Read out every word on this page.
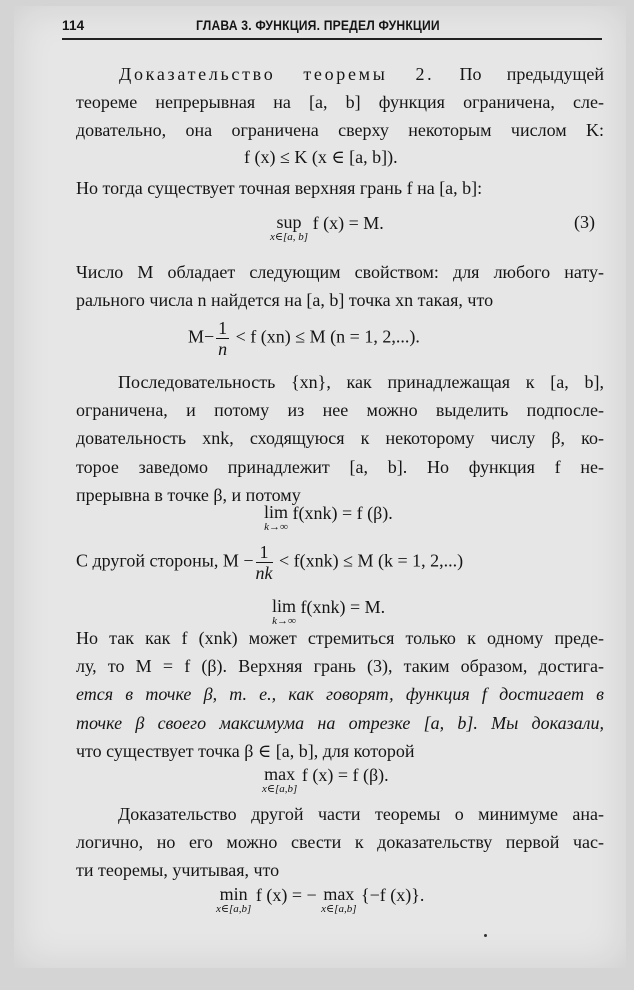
114	ГЛАВА 3. ФУНКЦИЯ. ПРЕДЕЛ ФУНКЦИИ
Доказательство теоремы 2. По предыдущей
теореме непрерывная на [a, b] функция ограничена, сле-
довательно, она ограничена сверху некоторым числом K:
f (x) ≤ K (x ∈ [a, b]).
Но тогда существует точная верхняя грань f на [a, b]:
sup
x∈[a, b]
f (x) = M.	(3)
Число M обладает следующим свойством: для любого нату-
рального числа n найдется на [a, b] точка xn такая, что
$M- \frac{1}{n} < f$ (xn) ≤ M (n = 1, 2,...).
Последовательность {xn}, как принадлежащая к [a, b],
ограничена, и потому из нее можно выделить подпосле-
довательность xnk, сходящуюся к некоторому числу β, ко-
торое заведомо принадлежит [a, b]. Но функция f не-
прерывна в точке β, и потому
lim
k→∞
f(xnk) = f (β).
С другой стороны, $M - \frac{1}{nk} < f(xnk) \le M$ (k = 1, 2,...)
lim
k→∞
f(xnk) = M.
Но так как f (xnk) может стремиться только к одному преде-
лу, то M = f (β). Верхняя грань (3), таким образом, достига-
ется в точке β, т. е., как говорят, функция f достигает в
точке β своего максимума на отрезке [a, b]. Мы доказали,
что существует точка β ∈ [a, b], для которой
max
x∈[a,b]
f (x) = f (β).
Доказательство другой части теоремы о минимуме ана-
логично, но его можно свести к доказательству первой час-
ти теоремы, учитывая, что
min
x∈[a,b]
f (x) = − max
x∈[a,b]
{−f (x)}.
